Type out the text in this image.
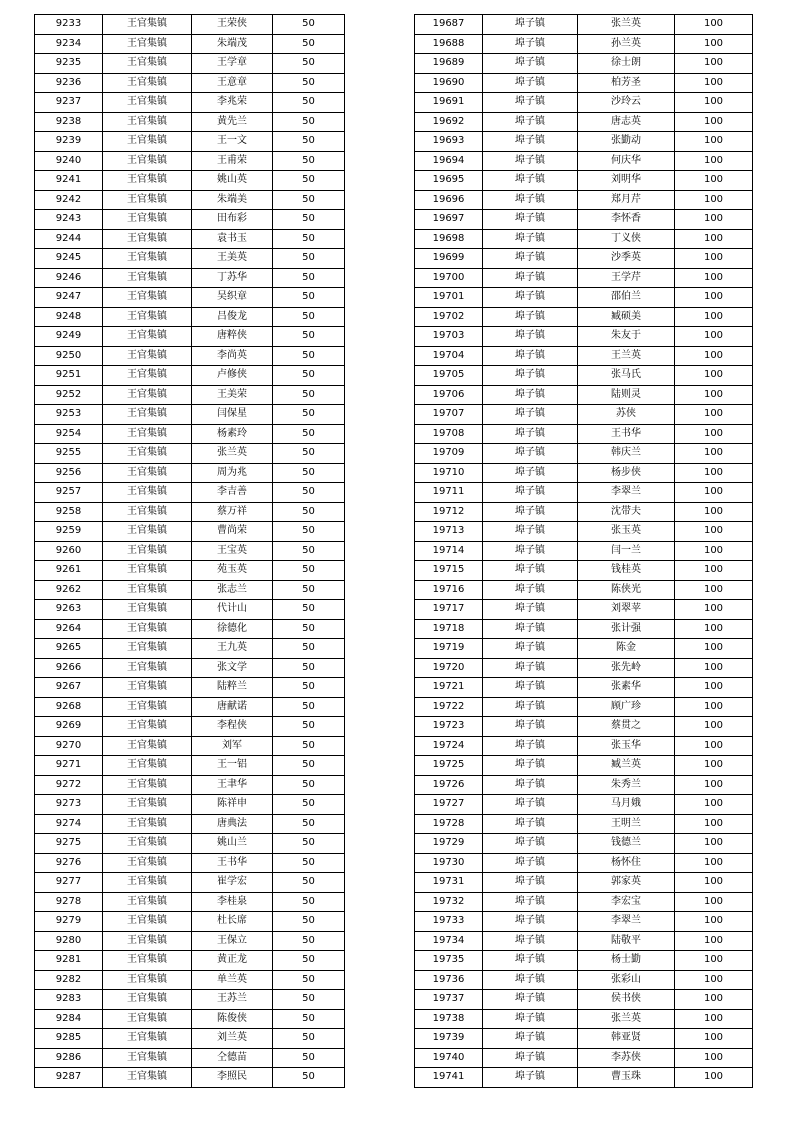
9233	王官集镇	王荣侠	50
9234	王官集镇	朱端茂	50
9235	王官集镇	王学章	50
9236	王官集镇	王意章	50
9237	王官集镇	李兆荣	50
9238	王官集镇	黄先兰	50
9239	王官集镇	王一文	50
9240	王官集镇	王甫荣	50
9241	王官集镇	姚山英	50
9242	王官集镇	朱端美	50
9243	王官集镇	田布彩	50
9244	王官集镇	袁书玉	50
9245	王官集镇	王美英	50
9246	王官集镇	丁苏华	50
9247	王官集镇	吴织章	50
9248	王官集镇	吕俊龙	50
9249	王官集镇	唐粹侠	50
9250	王官集镇	李尚英	50
9251	王官集镇	卢修侠	50
9252	王官集镇	王美荣	50
9253	王官集镇	闫保星	50
9254	王官集镇	杨素玲	50
9255	王官集镇	张兰英	50
9256	王官集镇	周为兆	50
9257	王官集镇	李吉善	50
9258	王官集镇	蔡万祥	50
9259	王官集镇	曹尚荣	50
9260	王官集镇	王宝英	50
9261	王官集镇	苑玉英	50
9262	王官集镇	张志兰	50
9263	王官集镇	代计山	50
9264	王官集镇	徐德化	50
9265	王官集镇	王九英	50
9266	王官集镇	张文学	50
9267	王官集镇	陆粹兰	50
9268	王官集镇	唐献诺	50
9269	王官集镇	李程侠	50
9270	王官集镇	刘军	50
9271	王官集镇	王一铝	50
9272	王官集镇	王聿华	50
9273	王官集镇	陈祥申	50
9274	王官集镇	唐典法	50
9275	王官集镇	姚山兰	50
9276	王官集镇	王书华	50
9277	王官集镇	崔学宏	50
9278	王官集镇	李桂泉	50
9279	王官集镇	杜长席	50
9280	王官集镇	王保立	50
9281	王官集镇	黄正龙	50
9282	王官集镇	单兰英	50
9283	王官集镇	王苏兰	50
9284	王官集镇	陈俊侠	50
9285	王官集镇	刘兰英	50
9286	王官集镇	仝德苗	50
9287	王官集镇	李照民	50
19687	埠子镇	张兰英	100
19688	埠子镇	孙兰英	100
19689	埠子镇	徐士朗	100
19690	埠子镇	柏芳圣	100
19691	埠子镇	沙玲云	100
19692	埠子镇	唐志英	100
19693	埠子镇	张勤动	100
19694	埠子镇	何庆华	100
19695	埠子镇	刘明华	100
19696	埠子镇	郑月芹	100
19697	埠子镇	李怀香	100
19698	埠子镇	丁义侠	100
19699	埠子镇	沙季英	100
19700	埠子镇	王学芹	100
19701	埠子镇	邵伯兰	100
19702	埠子镇	臧硕美	100
19703	埠子镇	朱友于	100
19704	埠子镇	王兰英	100
19705	埠子镇	张马氏	100
19706	埠子镇	陆则灵	100
19707	埠子镇	苏侠	100
19708	埠子镇	王书华	100
19709	埠子镇	韩庆兰	100
19710	埠子镇	杨步侠	100
19711	埠子镇	李翠兰	100
19712	埠子镇	沈带夫	100
19713	埠子镇	张玉英	100
19714	埠子镇	闫一兰	100
19715	埠子镇	钱桂英	100
19716	埠子镇	陈侠光	100
19717	埠子镇	刘翠苹	100
19718	埠子镇	张计强	100
19719	埠子镇	陈金	100
19720	埠子镇	张先岭	100
19721	埠子镇	张素华	100
19722	埠子镇	顾广珍	100
19723	埠子镇	蔡贯之	100
19724	埠子镇	张玉华	100
19725	埠子镇	臧兰英	100
19726	埠子镇	朱秀兰	100
19727	埠子镇	马月娥	100
19728	埠子镇	王明兰	100
19729	埠子镇	钱德兰	100
19730	埠子镇	杨怀住	100
19731	埠子镇	郭家英	100
19732	埠子镇	李宏宝	100
19733	埠子镇	李翠兰	100
19734	埠子镇	陆敬平	100
19735	埠子镇	杨士勤	100
19736	埠子镇	张彩山	100
19737	埠子镇	侯书侠	100
19738	埠子镇	张兰英	100
19739	埠子镇	韩亚贤	100
19740	埠子镇	李苏侠	100
19741	埠子镇	曹玉珠	100
